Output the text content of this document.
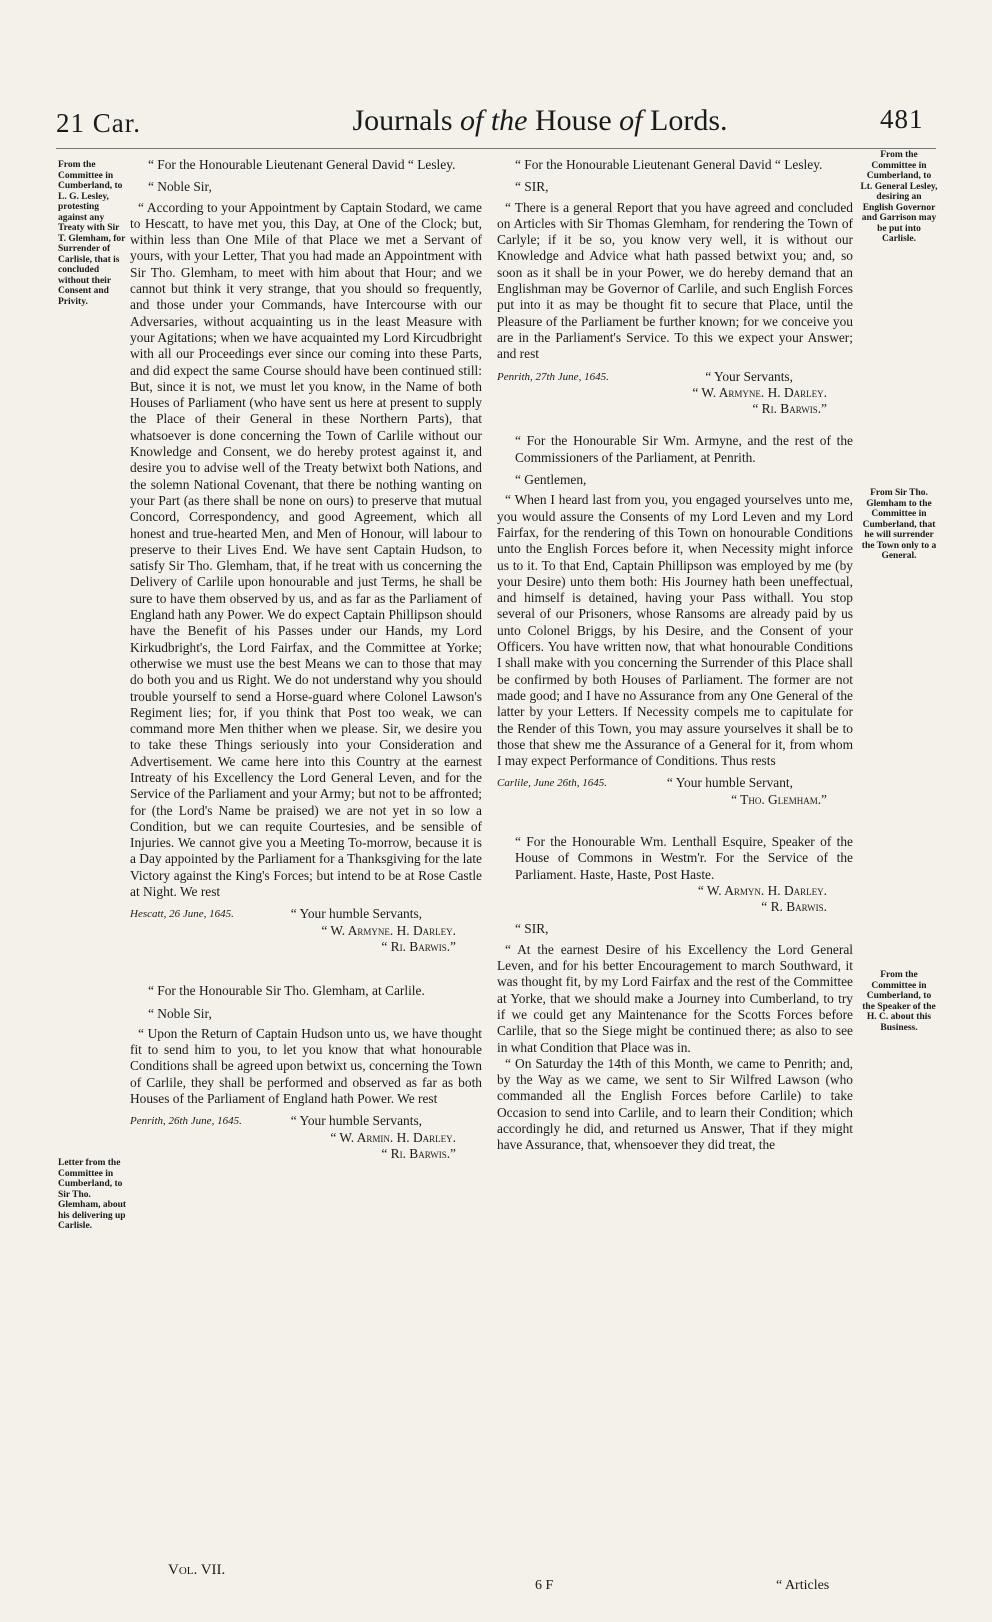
21 Car.	Journals of the House of Lords.	481
From the Committee in Cumberland, to L. G. Lesley, protesting against any Treaty with Sir T. Glemham, for Surrender of Carlisle, that is concluded without their Consent and Privity.
Letter from the Committee in Cumberland, to Sir Tho. Glemham, about his delivering up Carlisle.
From the Committee in Cumberland, to Lt. General Lesley, desiring an English Governor and Garrison may be put into Carlisle.
From Sir Tho. Glemham to the Committee in Cumberland, that he will surrender the Town only to a General.
From the Committee in Cumberland, to the Speaker of the H. C. about this Business.

“ For the Honourable Lieutenant General David “ Lesley.

“ Noble Sir,

“ According to your Appointment by Captain Stodard, we came to Hescatt, to have met you, this Day, at One of the Clock; but, within less than One Mile of that Place we met a Servant of yours, with your Letter, That you had made an Appointment with Sir Tho. Glemham, to meet with him about that Hour; and we cannot but think it very strange, that you should so frequently, and those under your Commands, have Intercourse with our Adversaries, without acquainting us in the least Measure with your Agitations; when we have acquainted my Lord Kircudbright with all our Proceedings ever since our coming into these Parts, and did expect the same Course should have been continued still: But, since it is not, we must let you know, in the Name of both Houses of Parliament (who have sent us here at present to supply the Place of their General in these Northern Parts), that whatsoever is done concerning the Town of Carlile without our Knowledge and Consent, we do hereby protest against it, and desire you to advise well of the Treaty betwixt both Nations, and the solemn National Covenant, that there be nothing wanting on your Part (as there shall be none on ours) to preserve that mutual Concord, Correspondency, and good Agreement, which all honest and true-hearted Men, and Men of Honour, will labour to preserve to their Lives End. We have sent Captain Hudson, to satisfy Sir Tho. Glemham, that, if he treat with us concerning the Delivery of Carlile upon honourable and just Terms, he shall be sure to have them observed by us, and as far as the Parliament of England hath any Power. We do expect Captain Phillipson should have the Benefit of his Passes under our Hands, my Lord Kirkudbright's, the Lord Fairfax, and the Committee at Yorke; otherwise we must use the best Means we can to those that may do both you and us Right. We do not understand why you should trouble yourself to send a Horse-guard where Colonel Lawson's Regiment lies; for, if you think that Post too weak, we can command more Men thither when we please. Sir, we desire you to take these Things seriously into your Consideration and Advertisement. We came here into this Country at the earnest Intreaty of his Excellency the Lord General Leven, and for the Service of the Parliament and your Army; but not to be affronted; for (the Lord's Name be praised) we are not yet in so low a Condition, but we can requite Courtesies, and be sensible of Injuries. We cannot give you a Meeting To-morrow, because it is a Day appointed by the Parliament for a Thanksgiving for the late Victory against the King's Forces; but intend to be at Rose Castle at Night. We rest

Hescatt, 26 June, 1645.	“ Your humble Servants,

“ W. Armyne. H. Darley.

“ Ri. Barwis.”

“ For the Honourable Sir Tho. Glemham, at Carlile.

“ Noble Sir,

“ Upon the Return of Captain Hudson unto us, we have thought fit to send him to you, to let you know that what honourable Conditions shall be agreed upon betwixt us, concerning the Town of Carlile, they shall be performed and observed as far as both Houses of the Parliament of England hath Power. We rest

Penrith, 26th June, 1645.	“ Your humble Servants,

“ W. Armin. H. Darley.

“ Ri. Barwis.”

“ For the Honourable Lieutenant General David “ Lesley.

“ SIR,

“ There is a general Report that you have agreed and concluded on Articles with Sir Thomas Glemham, for rendering the Town of Carlyle; if it be so, you know very well, it is without our Knowledge and Advice what hath passed betwixt you; and, so soon as it shall be in your Power, we do hereby demand that an Englishman may be Governor of Carlile, and such English Forces put into it as may be thought fit to secure that Place, until the Pleasure of the Parliament be further known; for we conceive you are in the Parliament's Service. To this we expect your Answer; and rest

Penrith, 27th June, 1645.	“ Your Servants,

“ W. Armyne. H. Darley.

“ Ri. Barwis.”

“ For the Honourable Sir Wm. Armyne, and the rest of the Commissioners of the Parliament, at Penrith.

“ Gentlemen,

“ When I heard last from you, you engaged yourselves unto me, you would assure the Consents of my Lord Leven and my Lord Fairfax, for the rendering of this Town on honourable Conditions unto the English Forces before it, when Necessity might inforce us to it. To that End, Captain Phillipson was employed by me (by your Desire) unto them both: His Journey hath been uneffectual, and himself is detained, having your Pass withall. You stop several of our Prisoners, whose Ransoms are already paid by us unto Colonel Briggs, by his Desire, and the Consent of your Officers. You have written now, that what honourable Conditions I shall make with you concerning the Surrender of this Place shall be confirmed by both Houses of Parliament. The former are not made good; and I have no Assurance from any One General of the latter by your Letters. If Necessity compels me to capitulate for the Render of this Town, you may assure yourselves it shall be to those that shew me the Assurance of a General for it, from whom I may expect Performance of Conditions. Thus rests

Carlile, June 26th, 1645.	“ Your humble Servant,

“ Tho. Glemham.”

“ For the Honourable Wm. Lenthall Esquire, Speaker of the House of Commons in Westm'r. For the Service of the Parliament. Haste, Haste, Post Haste.

“ W. Armyn. H. Darley.

“ R. Barwis.

“ SIR,

“ At the earnest Desire of his Excellency the Lord General Leven, and for his better Encouragement to march Southward, it was thought fit, by my Lord Fairfax and the rest of the Committee at Yorke, that we should make a Journey into Cumberland, to try if we could get any Maintenance for the Scotts Forces before Carlile, that so the Siege might be continued there; as also to see in what Condition that Place was in.

“ On Saturday the 14th of this Month, we came to Penrith; and, by the Way as we came, we sent to Sir Wilfred Lawson (who commanded all the English Forces before Carlile) to take Occasion to send into Carlile, and to learn their Condition; which accordingly he did, and returned us Answer, That if they might have Assurance, that, whensoever they did treat, the

Vol. VII.
6 F	“ Articles
